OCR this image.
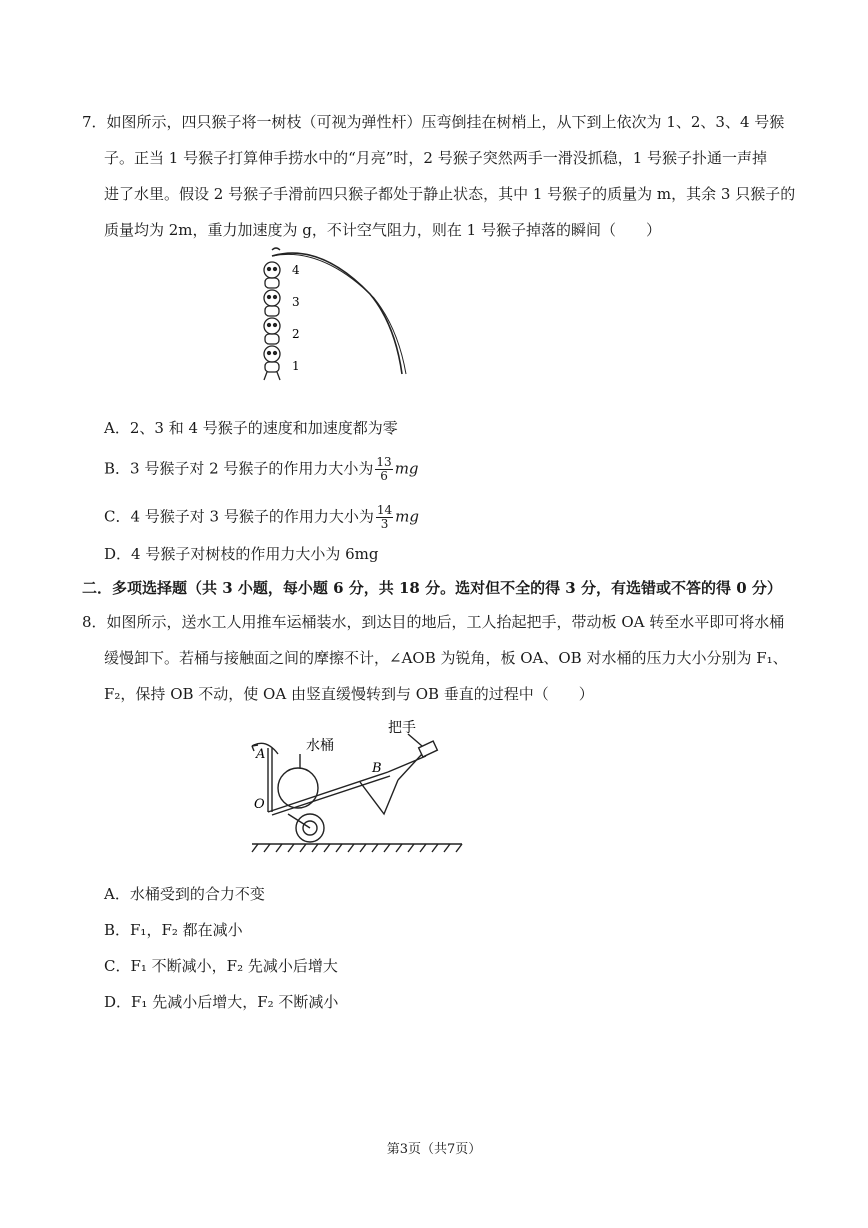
7．如图所示，四只猴子将一树枝（可视为弹性杆）压弯倒挂在树梢上，从下到上依次为 1、2、3、4 号猴
子。正当 1 号猴子打算伸手捞水中的“月亮”时，2 号猴子突然两手一滑没抓稳，1 号猴子扑通一声掉
进了水里。假设 2 号猴子手滑前四只猴子都处于静止状态，其中 1 号猴子的质量为 m，其余 3 只猴子的
质量均为 2m，重力加速度为 g，不计空气阻力，则在 1 号猴子掉落的瞬间（　　）
4
3
2
1
A．2、3 和 4 号猴子的速度和加速度都为零
B．3 号猴子对 2 号猴子的作用力大小为 $\frac{13}{6}$ mg
C．4 号猴子对 3 号猴子的作用力大小为 $\frac{14}{3}$ mg
D．4 号猴子对树枝的作用力大小为 6mg
二．多项选择题（共 3 小题，每小题 6 分，共 18 分。选对但不全的得 3 分，有选错或不答的得 0 分）
8．如图所示，送水工人用推车运桶装水，到达目的地后，工人抬起把手，带动板 OA 转至水平即可将水桶
缓慢卸下。若桶与接触面之间的摩擦不计，∠AOB 为锐角，板 OA、OB 对水桶的压力大小分别为 F₁、
F₂，保持 OB 不动，使 OA 由竖直缓慢转到与 OB 垂直的过程中（　　）
把手
水桶
A
B
O
A．水桶受到的合力不变
B．F₁，F₂ 都在减小
C．F₁ 不断减小，F₂ 先减小后增大
D．F₁ 先减小后增大，F₂ 不断减小
第3页（共7页）
